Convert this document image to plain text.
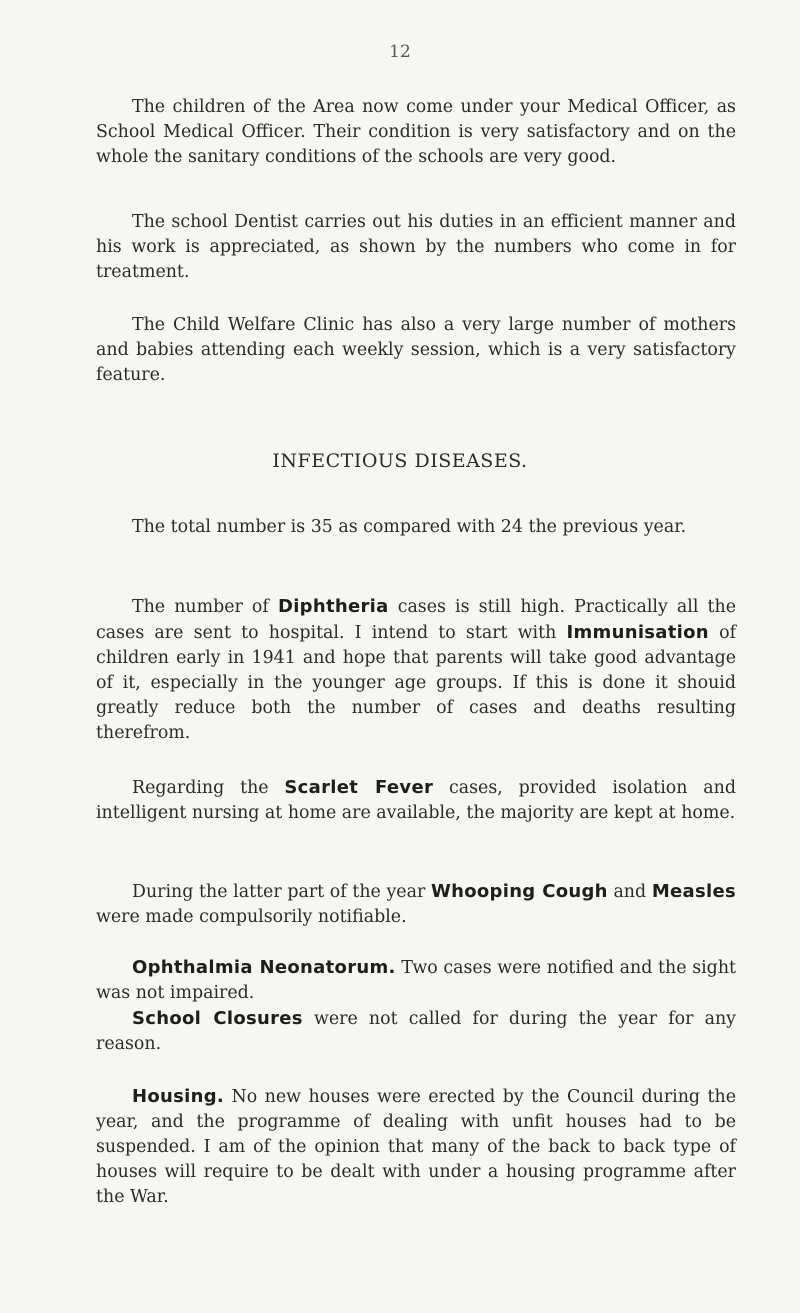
12

The children of the Area now come under your Medical Officer, as School Medical Officer. Their condition is very satisfactory and on the whole the sanitary conditions of the schools are very good.

The school Dentist carries out his duties in an efficient manner and his work is appreciated, as shown by the numbers who come in for treatment.

The Child Welfare Clinic has also a very large number of mothers and babies attending each weekly session, which is a very satisfactory feature.

INFECTIOUS DISEASES.

The total number is 35 as compared with 24 the previous year.

The number of Diphtheria cases is still high. Practically all the cases are sent to hospital. I intend to start with Immunisation of children early in 1941 and hope that parents will take good advantage of it, especially in the younger age groups. If this is done it shouid greatly reduce both the number of cases and deaths resulting therefrom.

Regarding the Scarlet Fever cases, provided isolation and intelligent nursing at home are available, the majority are kept at home.

During the latter part of the year Whooping Cough and Measles were made compulsorily notifiable.

Ophthalmia Neonatorum. Two cases were notified and the sight was not impaired.

School Closures were not called for during the year for any reason.

Housing. No new houses were erected by the Council during the year, and the programme of dealing with unfit houses had to be suspended. I am of the opinion that many of the back to back type of houses will require to be dealt with under a housing programme after the War.
